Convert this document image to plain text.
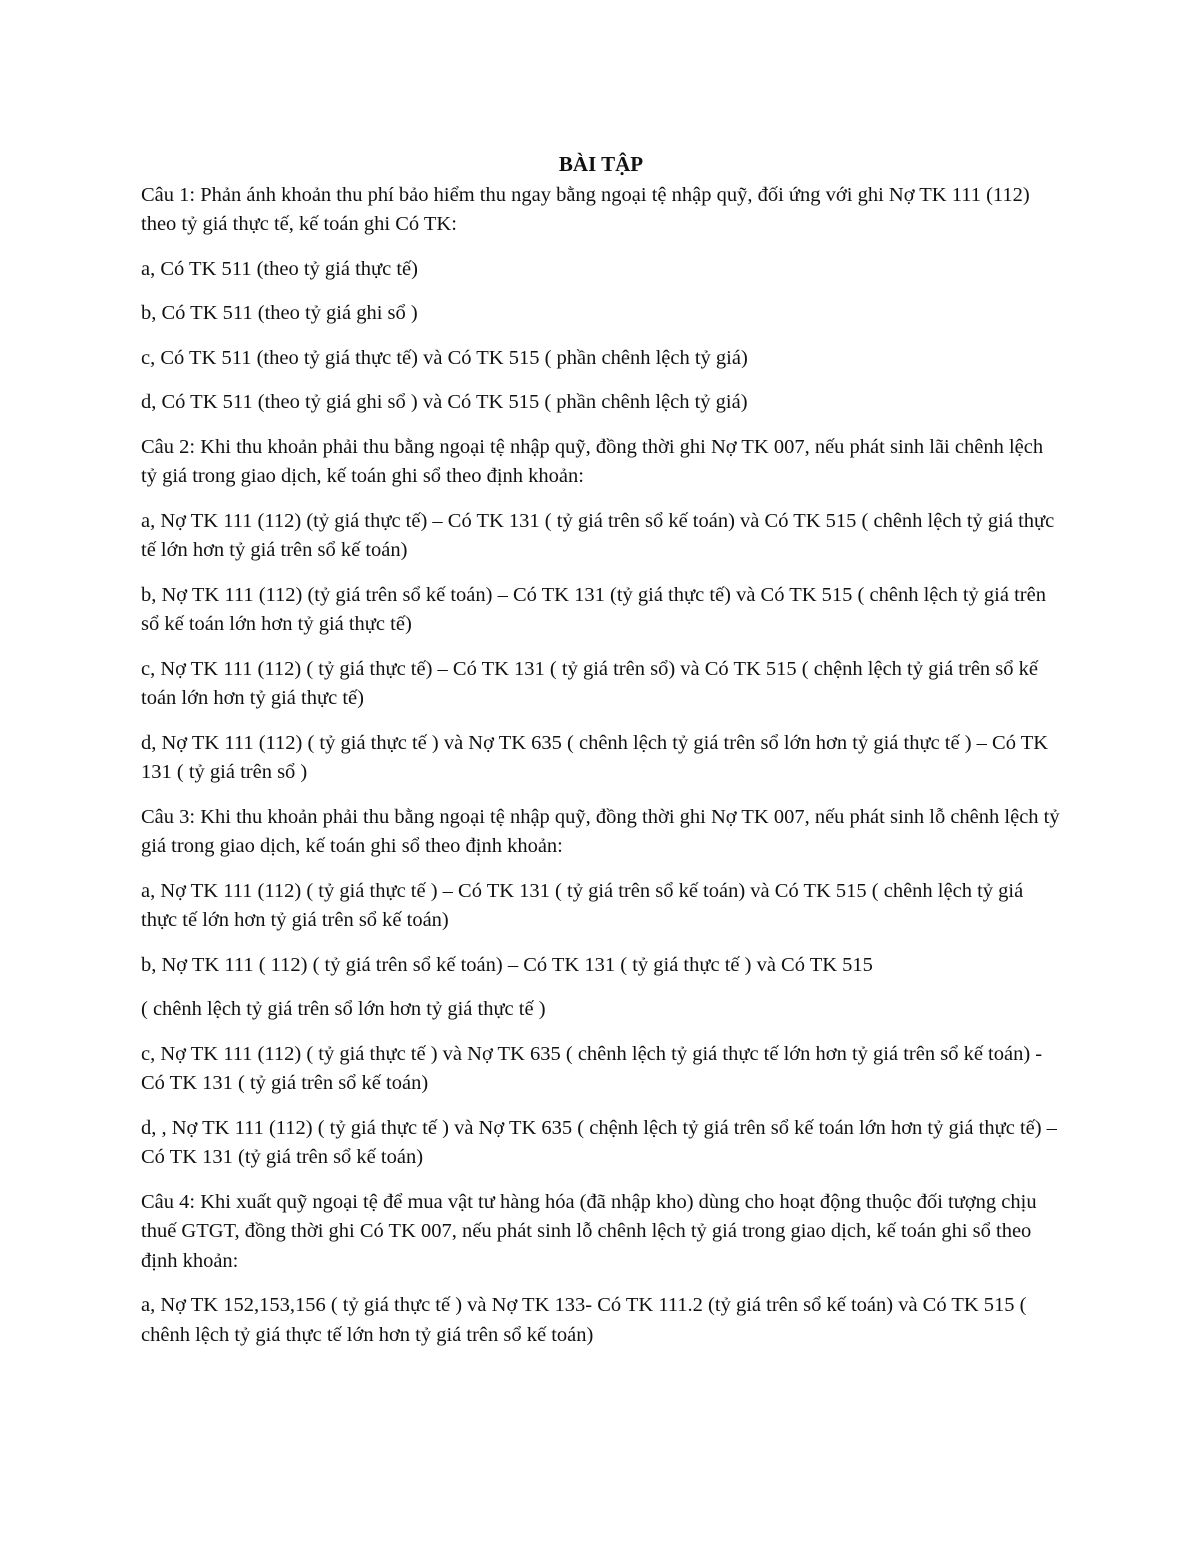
BÀI TẬP
Câu 1: Phản ánh khoản thu phí bảo hiểm thu ngay bằng ngoại tệ nhập quỹ, đối ứng với ghi Nợ TK 111 (112) theo tỷ giá thực tế, kế toán ghi Có TK:
a, Có TK 511 (theo tỷ giá thực tế)
b, Có TK 511 (theo tỷ giá ghi sổ )
c, Có TK 511 (theo tỷ giá thực tế) và Có TK 515 ( phần chênh lệch tỷ giá)
d, Có TK 511 (theo tỷ giá ghi sổ ) và Có TK 515 ( phần chênh lệch tỷ giá)
Câu 2: Khi thu khoản phải thu bằng ngoại tệ nhập quỹ, đồng thời ghi Nợ TK 007, nếu phát sinh lãi chênh lệch tỷ giá trong giao dịch, kế toán ghi sổ theo định khoản:
a, Nợ TK 111 (112) (tỷ giá thực tế) – Có TK 131 ( tỷ giá trên sổ kế toán) và Có TK 515 ( chênh lệch tỷ giá thực tế lớn hơn tỷ giá trên sổ kế toán)
b, Nợ TK 111 (112) (tỷ giá trên sổ kế toán) – Có TK 131 (tỷ giá thực tế) và Có TK 515 ( chênh lệch tỷ giá trên sổ kế toán lớn hơn tỷ giá thực tế)
c, Nợ TK 111 (112) ( tỷ giá thực tế) – Có TK 131 ( tỷ giá trên sổ) và Có TK 515 ( chệnh lệch tỷ giá trên sổ kế toán lớn hơn tỷ giá thực tế)
d, Nợ TK 111 (112) ( tỷ giá thực tế ) và Nợ TK 635 ( chênh lệch tỷ giá trên sổ lớn hơn tỷ giá thực tế ) – Có TK 131 ( tỷ giá trên sổ )
Câu 3: Khi thu khoản phải thu bằng ngoại tệ nhập quỹ, đồng thời ghi Nợ TK 007, nếu phát sinh lỗ chênh lệch tỷ giá trong giao dịch, kế toán ghi sổ theo định khoản:
a, Nợ TK 111 (112) ( tỷ giá thực tế ) – Có TK 131 ( tỷ giá trên sổ kế toán) và Có TK 515 ( chênh lệch tỷ giá thực tế lớn hơn tỷ giá trên sổ kế toán)
b, Nợ TK 111 ( 112) ( tỷ giá trên sổ kế toán) – Có TK 131 ( tỷ giá thực tế ) và Có TK 515
( chênh lệch tỷ giá trên sổ lớn hơn tỷ giá thực tế )
c, Nợ TK 111 (112) ( tỷ giá thực tế ) và Nợ TK 635 ( chênh lệch tỷ giá thực tế lớn hơn tỷ giá trên sổ kế toán) - Có TK 131 ( tỷ giá trên sổ kế toán)
d, , Nợ TK 111 (112) ( tỷ giá thực tế ) và Nợ TK 635 ( chệnh lệch tỷ giá trên sổ kế toán lớn hơn tỷ giá thực tế) – Có TK 131 (tỷ giá trên sổ kế toán)
Câu 4: Khi xuất quỹ ngoại tệ để mua vật tư hàng hóa (đã nhập kho) dùng cho hoạt động thuộc đối tượng chịu thuế GTGT, đồng thời ghi Có TK 007, nếu phát sinh lỗ chênh lệch tỷ giá trong giao dịch, kế toán ghi sổ theo định khoản:
a, Nợ TK 152,153,156 ( tỷ giá thực tế ) và Nợ TK 133- Có TK 111.2 (tỷ giá trên sổ kế toán) và Có TK 515 ( chênh lệch tỷ giá thực tế lớn hơn tỷ giá trên sổ kế toán)
